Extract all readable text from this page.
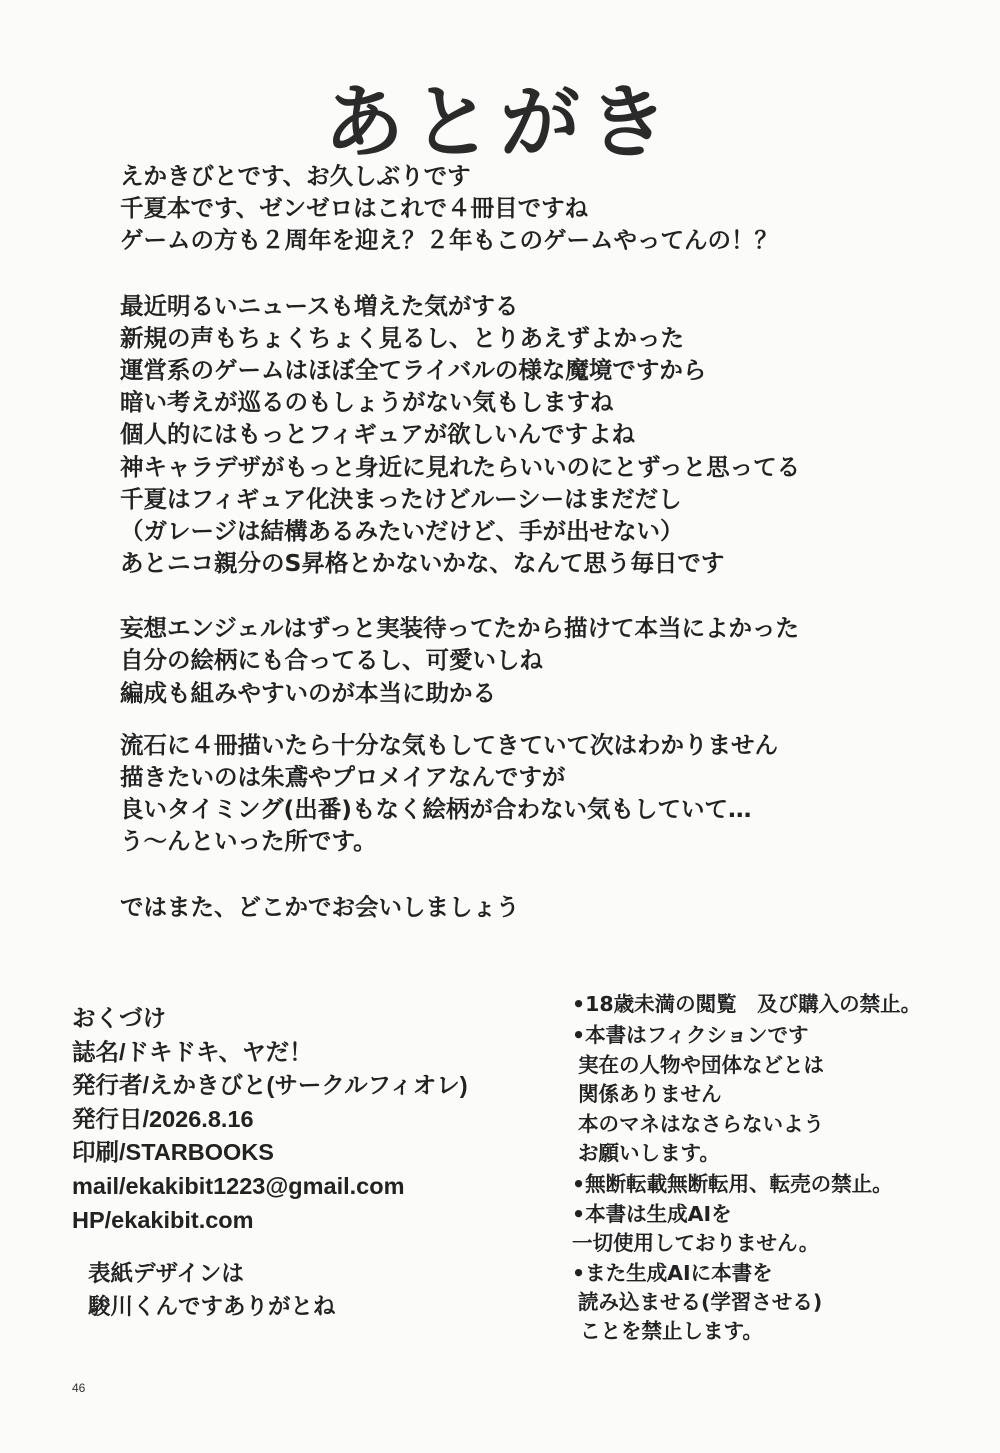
あとがき
えかきびとです、お久しぶりです
千夏本です、ゼンゼロはこれで４冊目ですね
ゲームの方も２周年を迎え？２年もこのゲームやってんの！？
最近明るいニュースも増えた気がする
新規の声もちょくちょく見るし、とりあえずよかった
運営系のゲームはほぼ全てライバルの様な魔境ですから
暗い考えが巡るのもしょうがない気もしますね
個人的にはもっとフィギュアが欲しいんですよね
神キャラデザがもっと身近に見れたらいいのにとずっと思ってる
千夏はフィギュア化決まったけどルーシーはまだだし
（ガレージは結構あるみたいだけど、手が出せない）
あとニコ親分のS昇格とかないかな、なんて思う毎日です
妄想エンジェルはずっと実装待ってたから描けて本当によかった
自分の絵柄にも合ってるし、可愛いしね
編成も組みやすいのが本当に助かる
流石に４冊描いたら十分な気もしてきていて次はわかりません
描きたいのは朱鳶やプロメイアなんですが
良いタイミング(出番)もなく絵柄が合わない気もしていて…
う～んといった所です。
ではまた、どこかでお会いしましょう
おくづけ
誌名/ドキドキ、ヤだ！
発行者/えかきびと(サークルフィオレ)
発行日/2026.8.16
印刷/STARBOOKS
mail/ekakibit1223@gmail.com
HP/ekakibit.com
表紙デザインは
駿川くんですありがとね
•18歳未満の閲覧　及び購入の禁止。
•本書はフィクションです
実在の人物や団体などとは
関係ありません
本のマネはなさらないよう
お願いします。
•無断転載無断転用、転売の禁止。
•本書は生成AIを
一切使用しておりません。
•また生成AIに本書を
読み込ませる(学習させる)
ことを禁止します。
46
